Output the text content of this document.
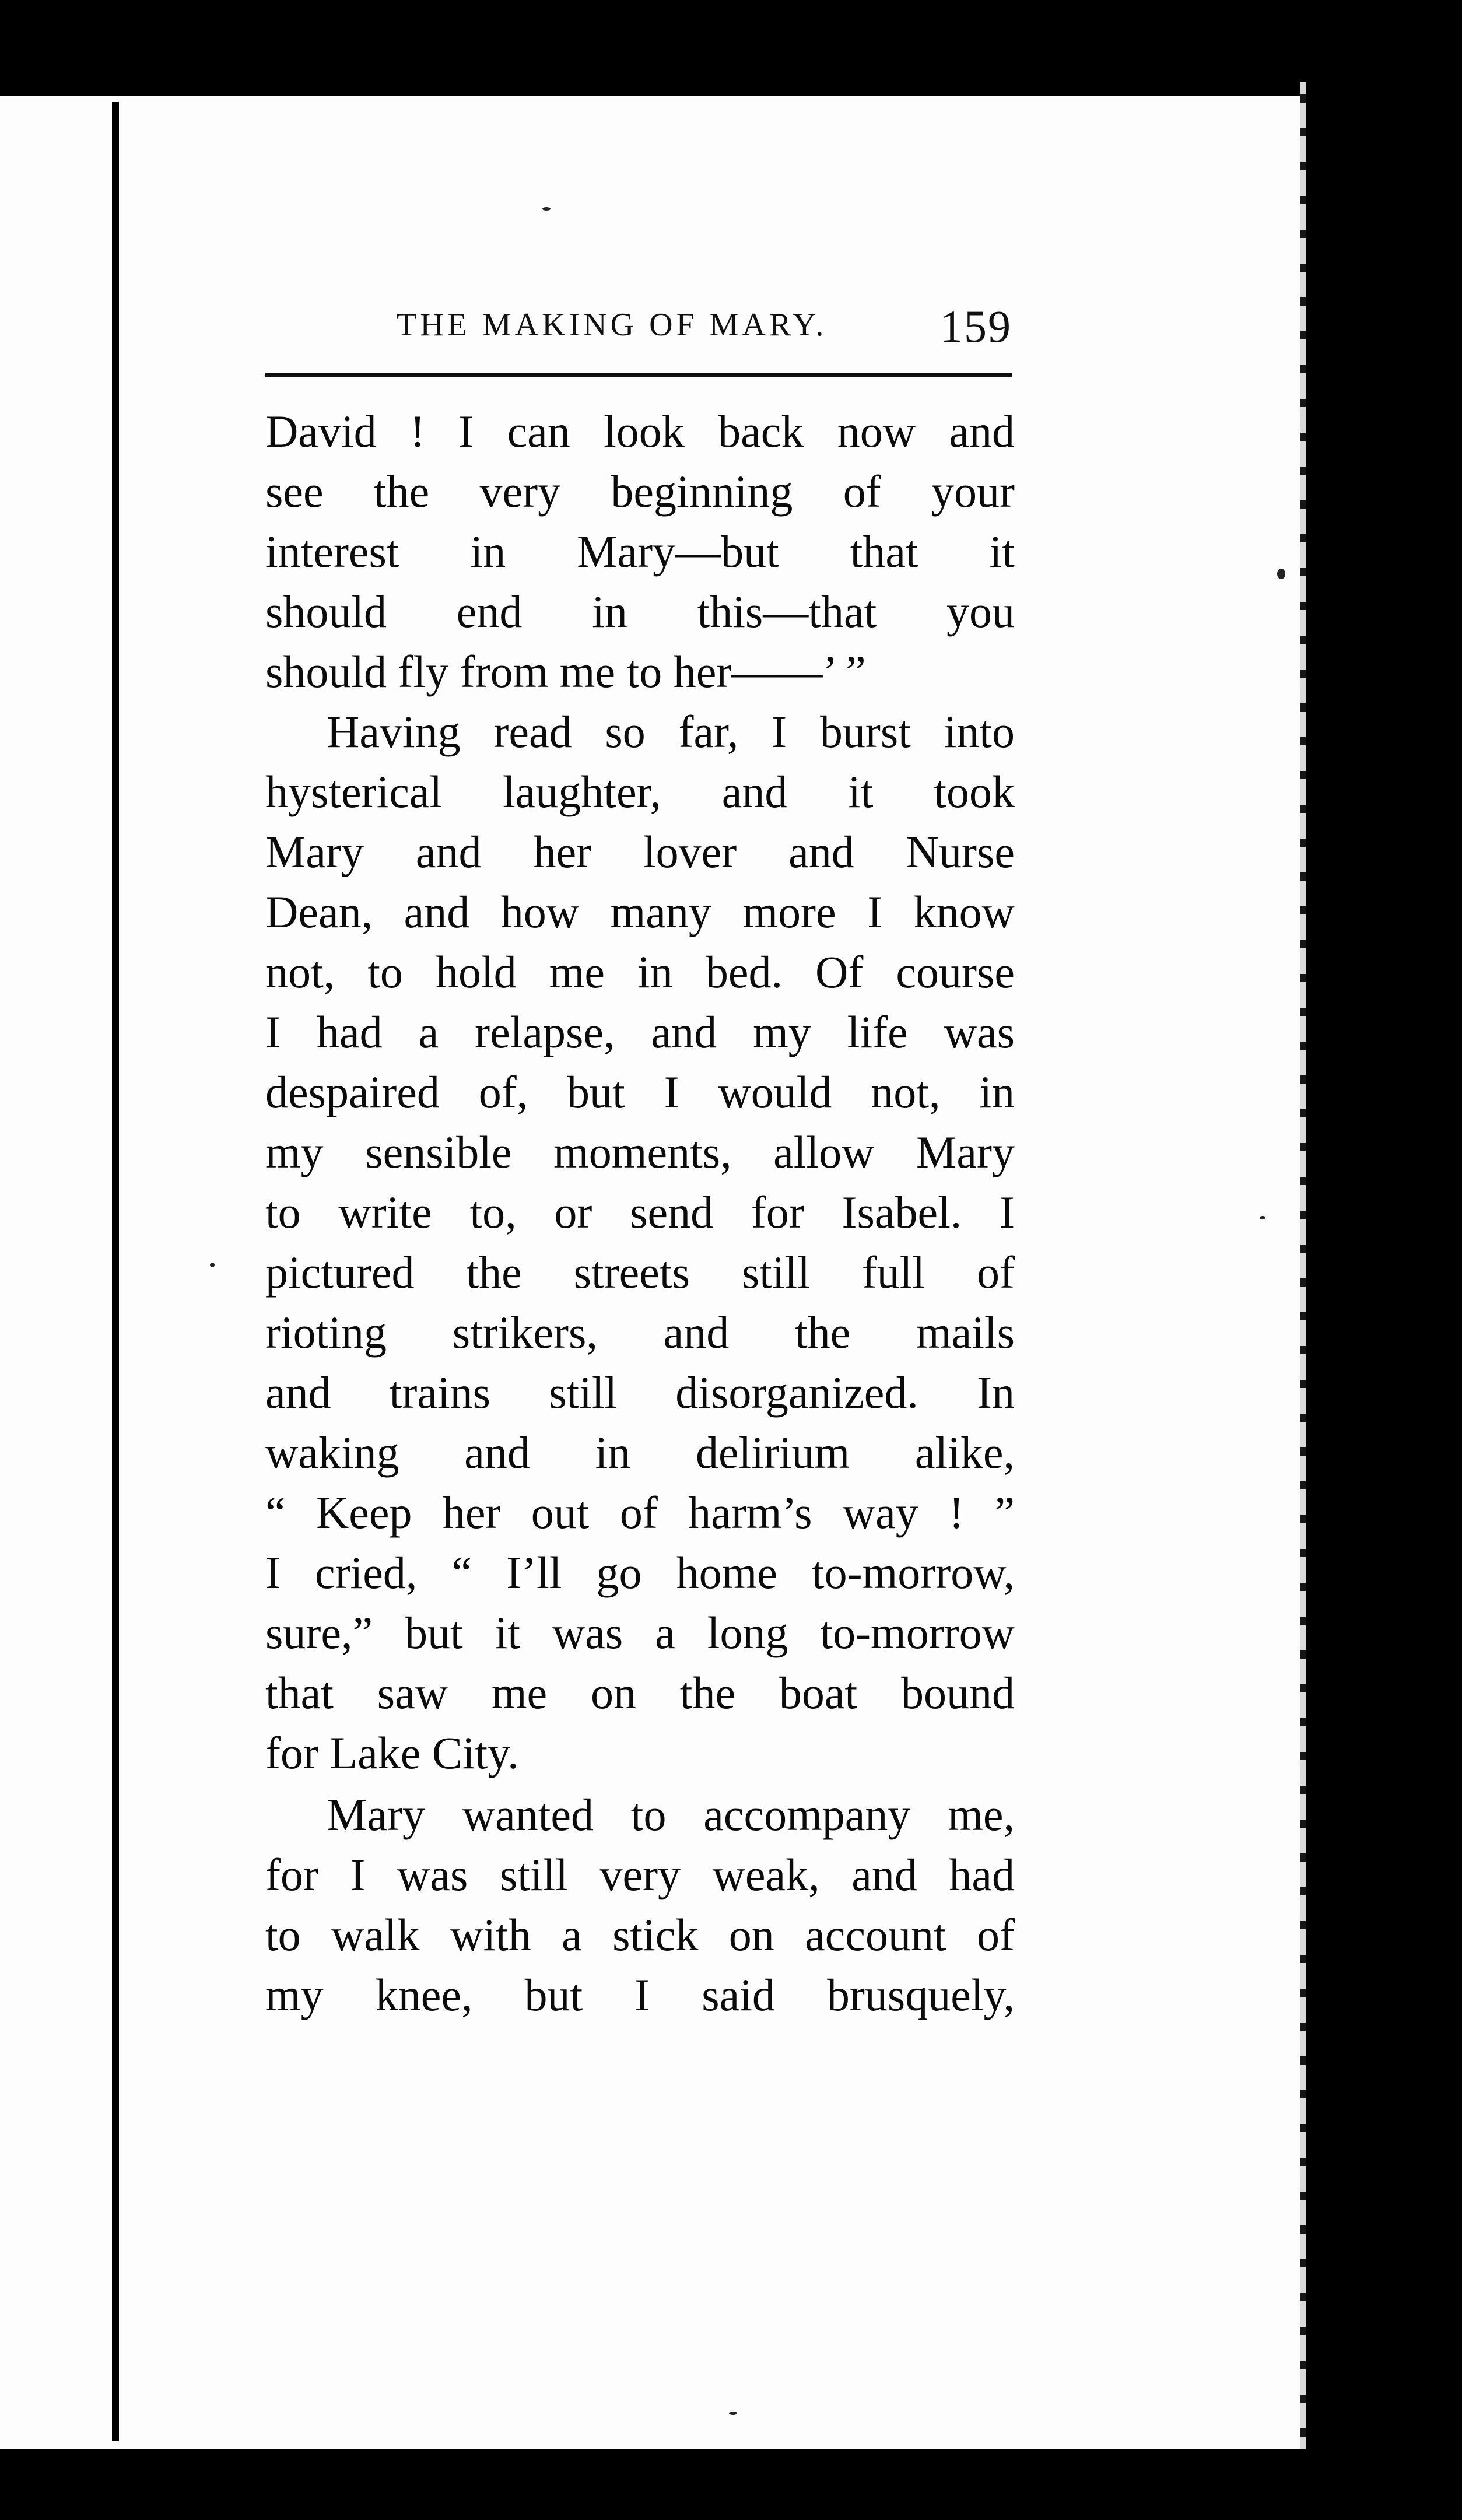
THE MAKING OF MARY. 159
David ! I can look back now and
see the very beginning of your
interest in Mary—but that it
should end in this—that you
should fly from me to her——’ ”
Having read so far, I burst into
hysterical laughter, and it took
Mary and her lover and Nurse
Dean, and how many more I know
not, to hold me in bed. Of course
I had a relapse, and my life was
despaired of, but I would not, in
my sensible moments, allow Mary
to write to, or send for Isabel. I
pictured the streets still full of
rioting strikers, and the mails
and trains still disorganized. In
waking and in delirium alike,
“ Keep her out of harm’s way ! ”
I cried, “ I’ll go home to-morrow,
sure,” but it was a long to-morrow
that saw me on the boat bound
for Lake City.
Mary wanted to accompany me,
for I was still very weak, and had
to walk with a stick on account of
my knee, but I said brusquely,
